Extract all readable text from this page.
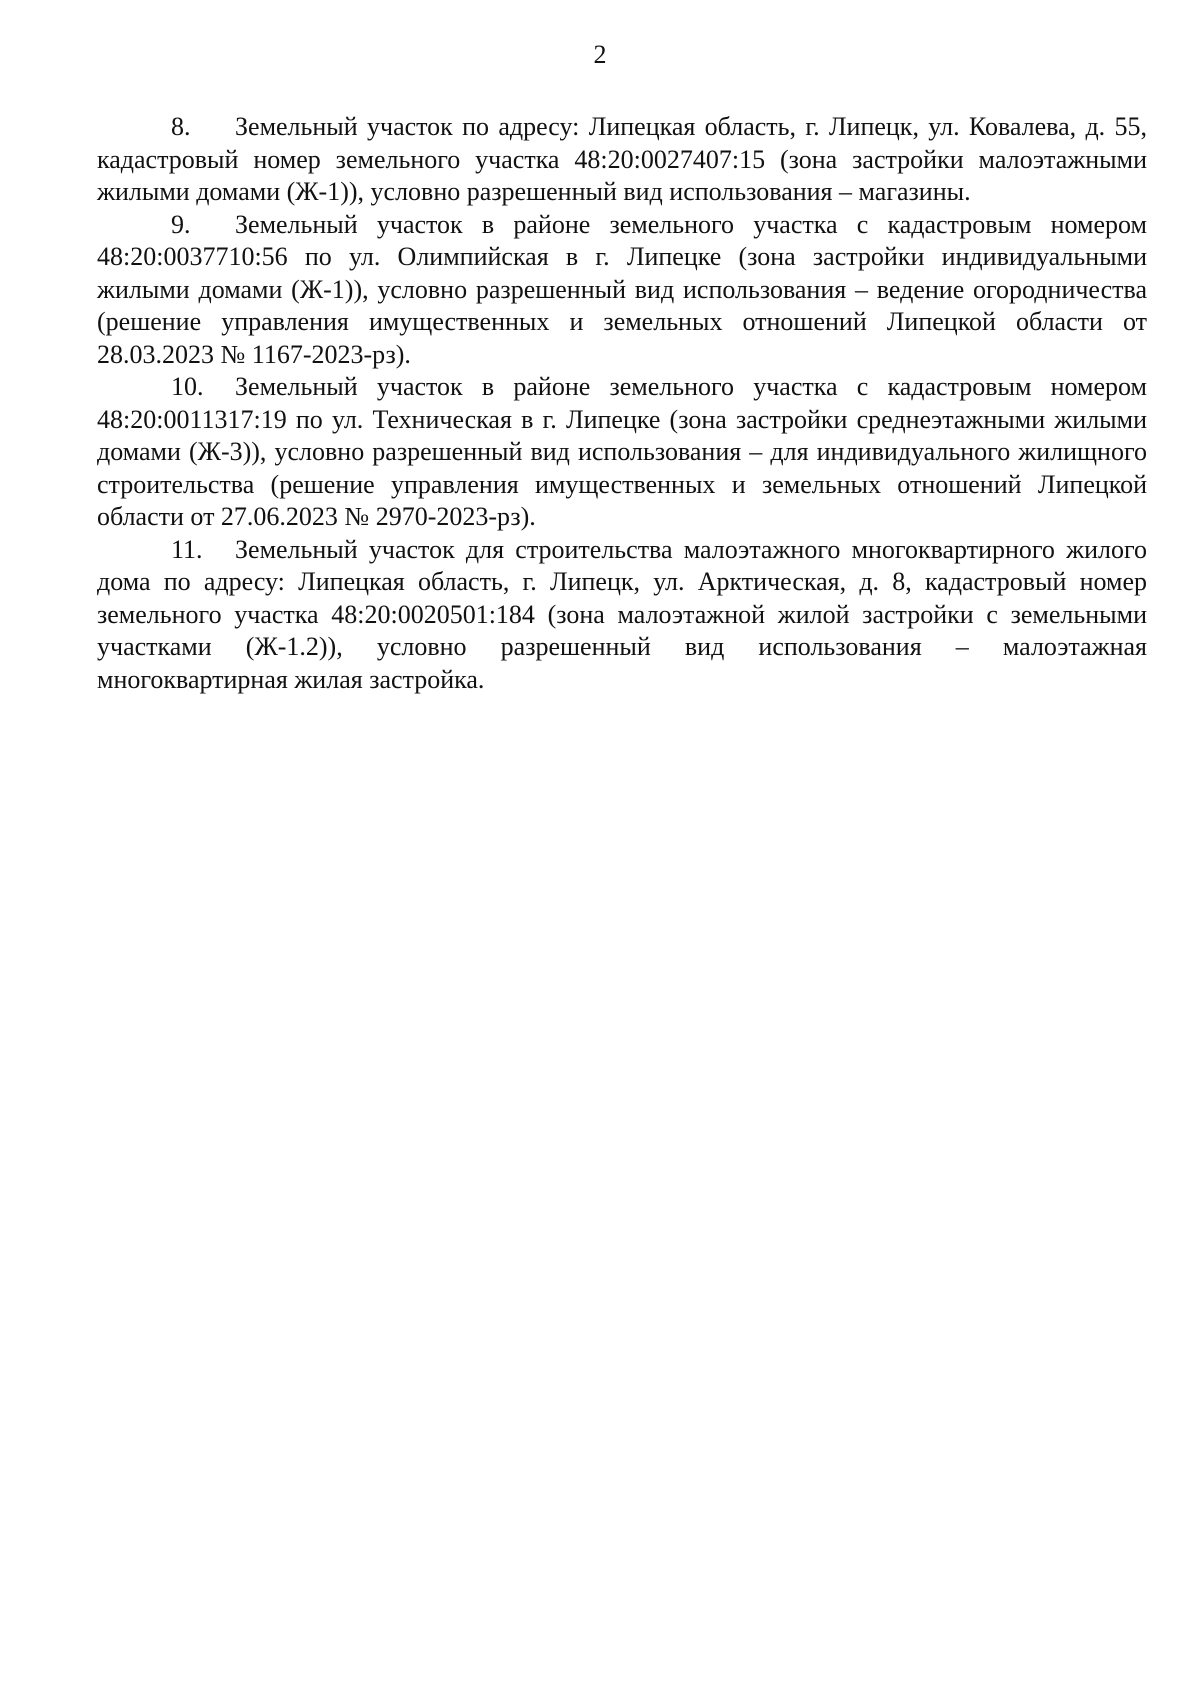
2

8. Земельный участок по адресу: Липецкая область, г. Липецк, ул. Ковалева, д. 55, кадастровый номер земельного участка 48:20:0027407:15 (зона застройки малоэтажными жилыми домами (Ж-1)), условно разрешенный вид использования – магазины.

9. Земельный участок в районе земельного участка с кадастровым номером 48:20:0037710:56 по ул. Олимпийская в г. Липецке (зона застройки индивидуальными жилыми домами (Ж-1)), условно разрешенный вид использования – ведение огородничества (решение управления имущественных и земельных отношений Липецкой области от 28.03.2023 № 1167-2023-рз).

10. Земельный участок в районе земельного участка с кадастровым номером 48:20:0011317:19 по ул. Техническая в г. Липецке (зона застройки среднеэтажными жилыми домами (Ж-3)), условно разрешенный вид использования – для индивидуального жилищного строительства (решение управления имущественных и земельных отношений Липецкой области от 27.06.2023 № 2970-2023-рз).

11. Земельный участок для строительства малоэтажного многоквартирного жилого дома по адресу: Липецкая область, г. Липецк, ул. Арктическая, д. 8, кадастровый номер земельного участка 48:20:0020501:184 (зона малоэтажной жилой застройки с земельными участками (Ж-1.2)), условно разрешенный вид использования – малоэтажная многоквартирная жилая застройка.
